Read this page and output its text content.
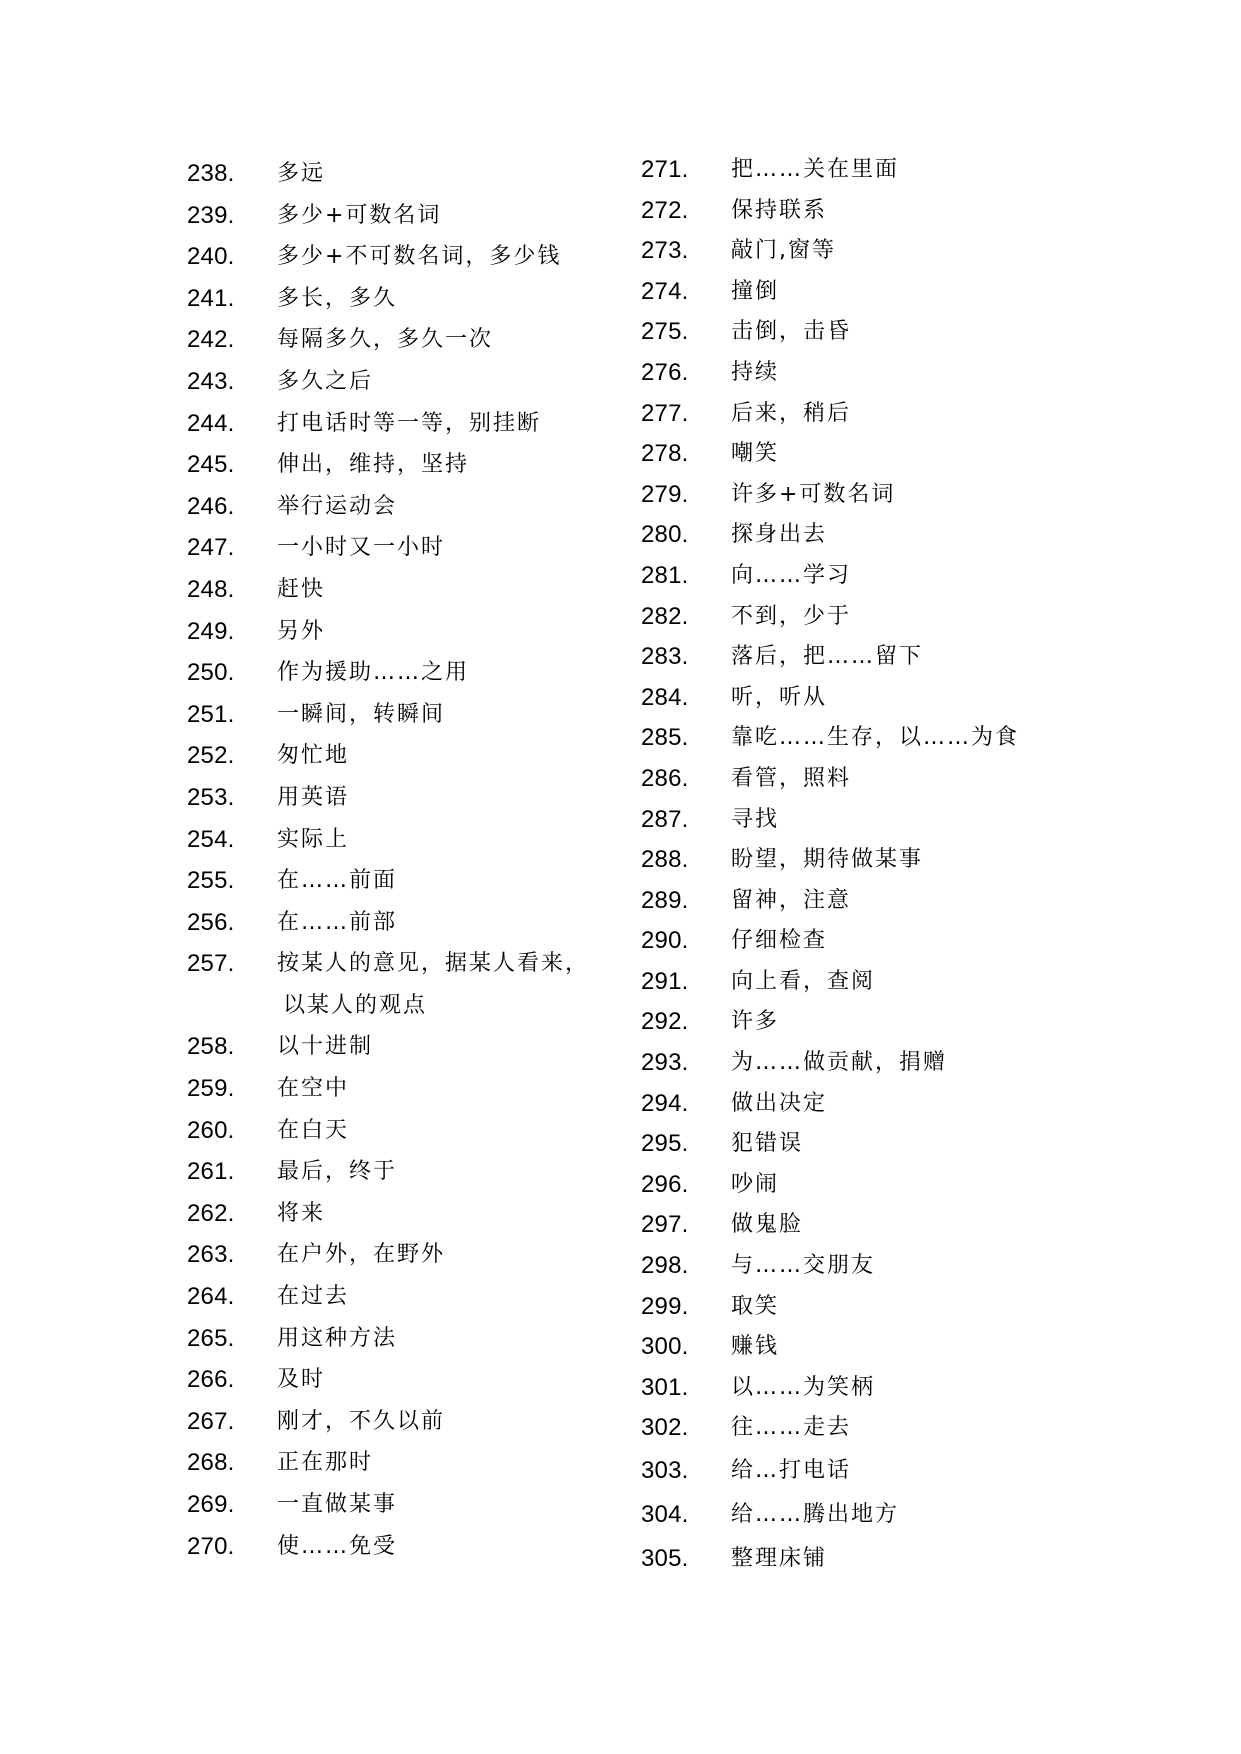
238.	多远
239.	多少+可数名词
240.	多少+不可数名词，多少钱
241.	多长，多久
242.	每隔多久，多久一次
243.	多久之后
244.	打电话时等一等，别挂断
245.	伸出，维持，坚持
246.	举行运动会
247.	一小时又一小时
248.	赶快
249.	另外
250.	作为援助……之用
251.	一瞬间，转瞬间
252.	匆忙地
253.	用英语
254.	实际上
255.	在……前面
256.	在……前部
257.	按某人的意见，据某人看来，
以某人的观点
258.	以十进制
259.	在空中
260.	在白天
261.	最后，终于
262.	将来
263.	在户外，在野外
264.	在过去
265.	用这种方法
266.	及时
267.	刚才，不久以前
268.	正在那时
269.	一直做某事
270.	使……免受
271.	把……关在里面
272.	保持联系
273.	敲门,窗等
274.	撞倒
275.	击倒，击昏
276.	持续
277.	后来，稍后
278.	嘲笑
279.	许多+可数名词
280.	探身出去
281.	向……学习
282.	不到，少于
283.	落后，把……留下
284.	听，听从
285.	靠吃……生存，以……为食
286.	看管，照料
287.	寻找
288.	盼望，期待做某事
289.	留神，注意
290.	仔细检查
291.	向上看，查阅
292.	许多
293.	为……做贡献，捐赠
294.	做出决定
295.	犯错误
296.	吵闹
297.	做鬼脸
298.	与……交朋友
299.	取笑
300.	赚钱
301.	以……为笑柄
302.	往……走去
303.	给…打电话
304.	给……腾出地方
305.	整理床铺
